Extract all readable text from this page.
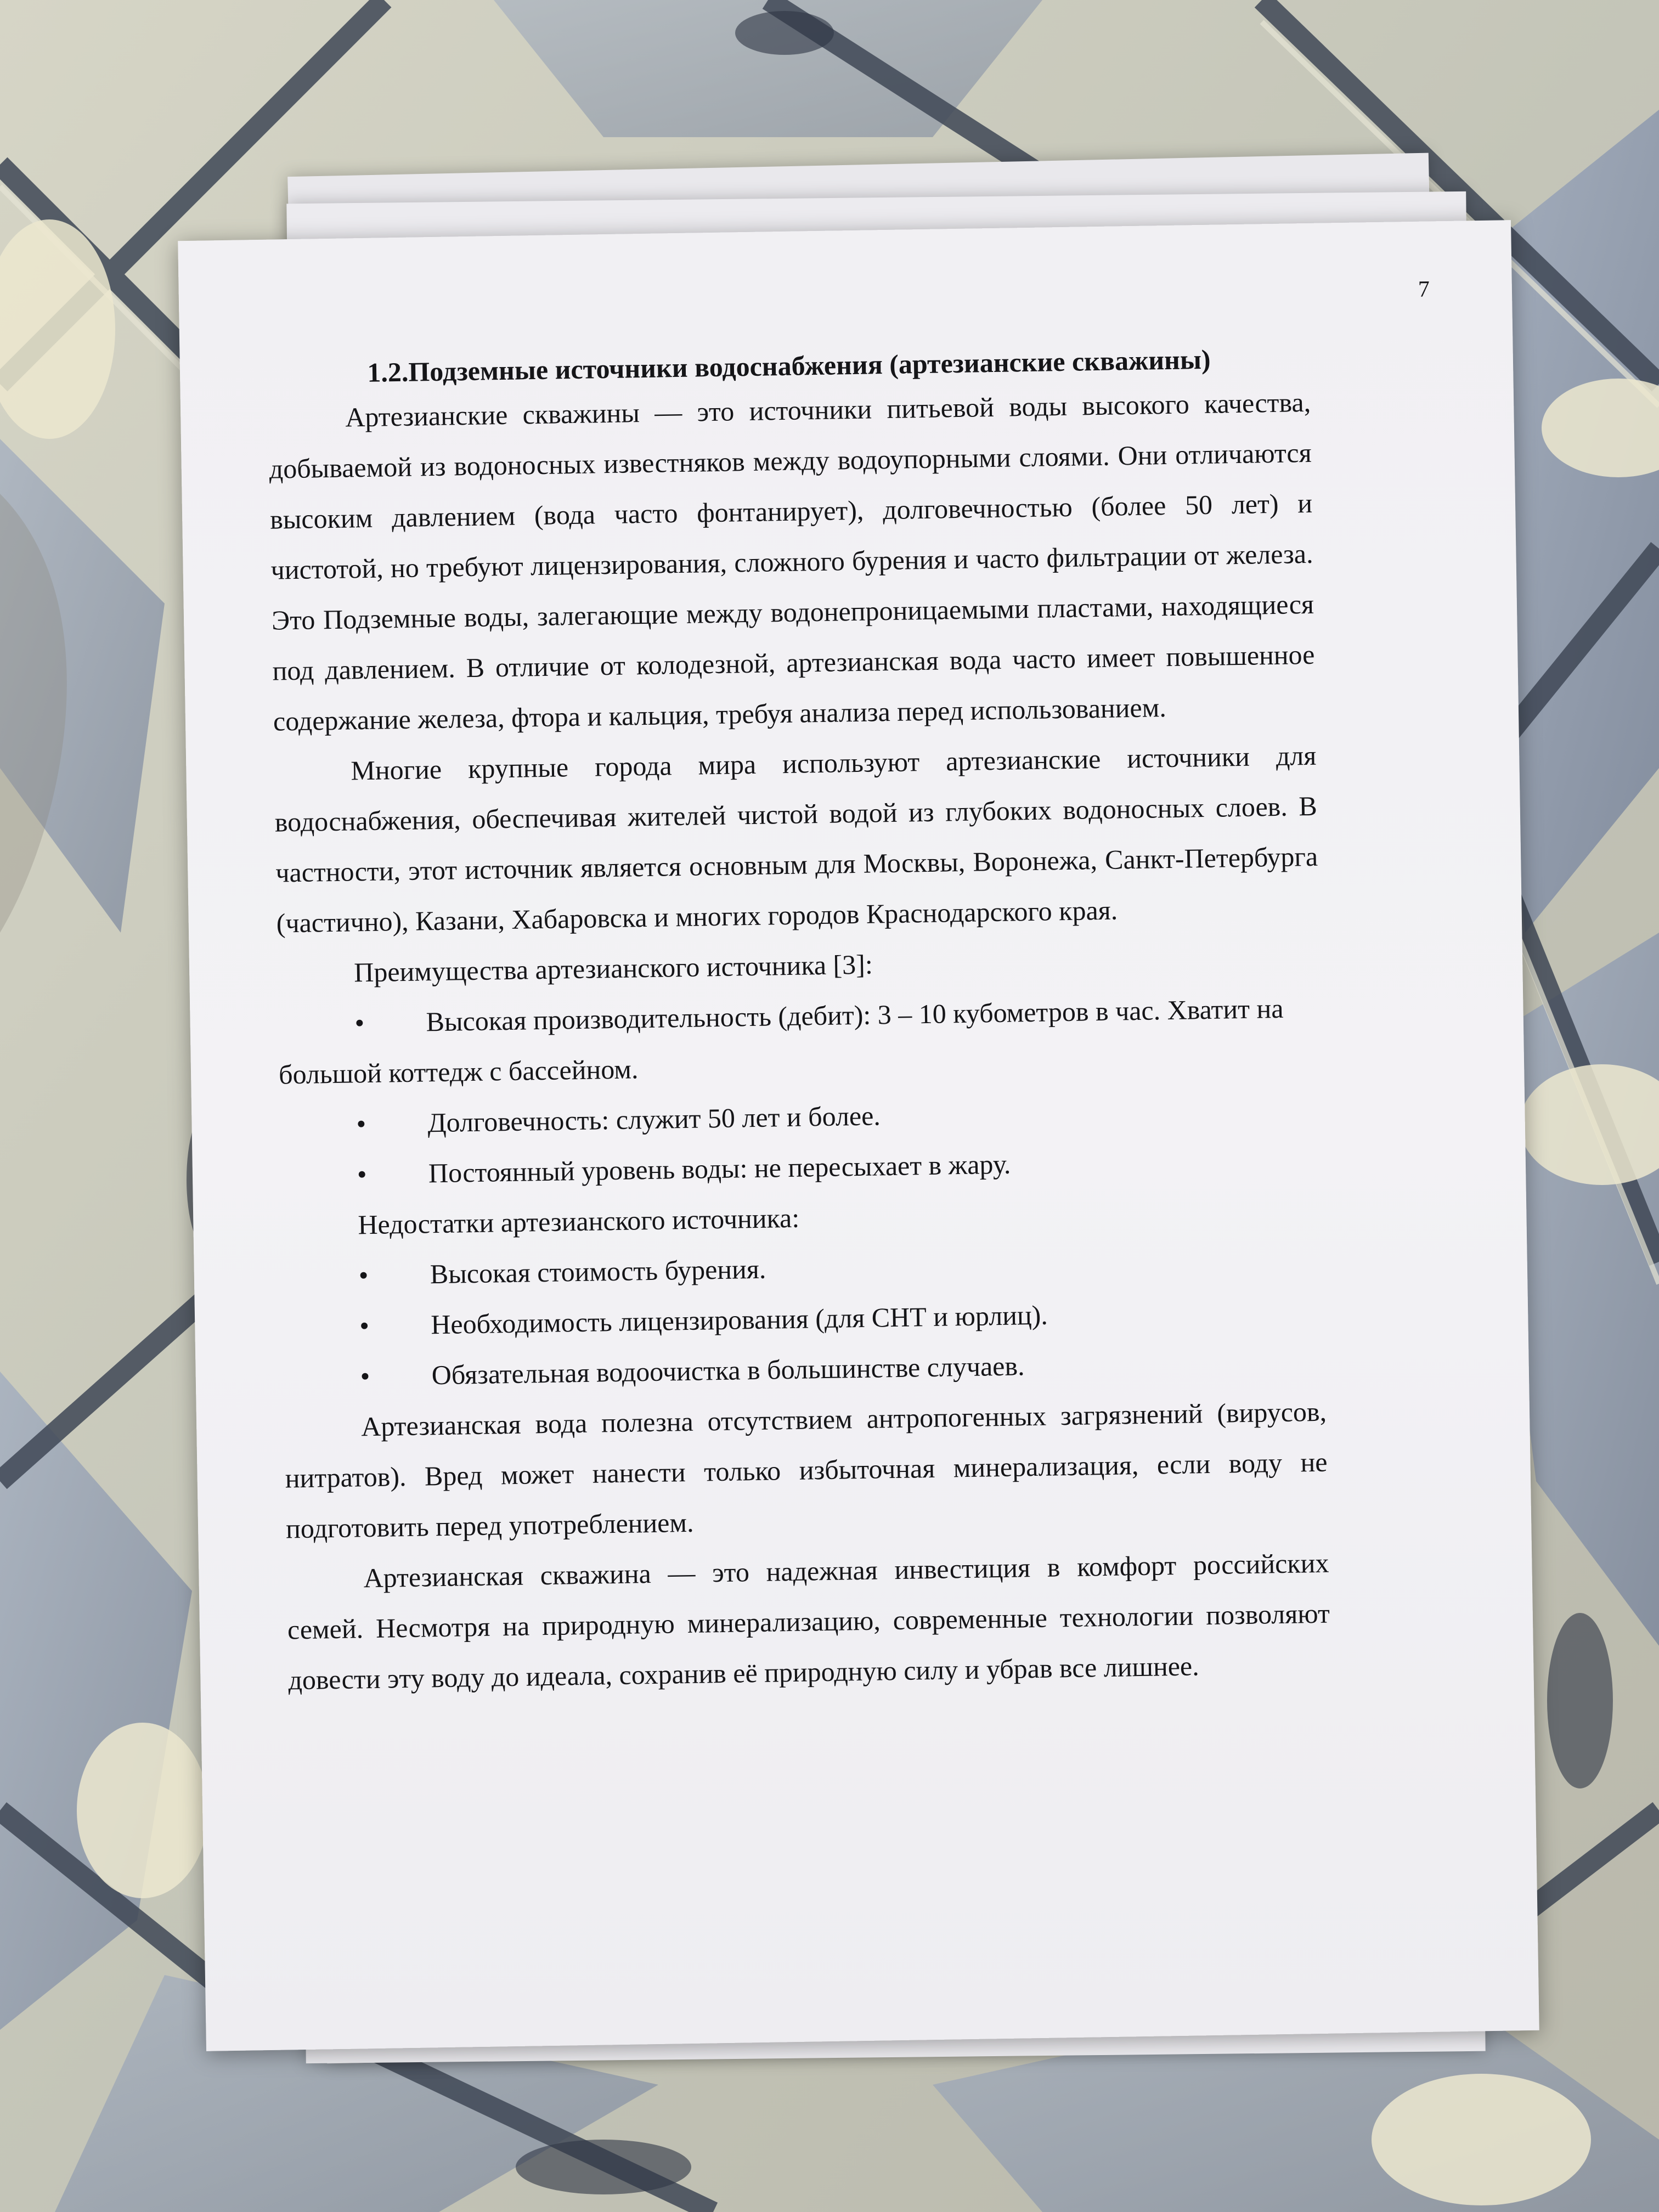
7

1.2.Подземные источники водоснабжения (артезианские скважины)

Артезианские скважины — это источники питьевой воды высокого качества, добываемой из водоносных известняков между водоупорными слоями. Они отличаются высоким давлением (вода часто фонтанирует), долговечностью (более 50 лет) и чистотой, но требуют лицензирования, сложного бурения и часто фильтрации от железа. Это Подземные воды, залегающие между водонепроницаемыми пластами, находящиеся под давлением. В отличие от колодезной, артезианская вода часто имеет повышенное содержание железа, фтора и кальция, требуя анализа перед использованием.

Многие крупные города мира используют артезианские источники для водоснабжения, обеспечивая жителей чистой водой из глубоких водоносных слоев. В частности, этот источник является основным для Москвы, Воронежа, Санкт-Петербурга (частично), Казани, Хабаровска и многих городов Краснодарского края.

Преимущества артезианского источника [3]:

• Высокая производительность (дебит): 3 – 10 кубометров в час. Хватит на большой коттедж с бассейном.

• Долговечность: служит 50 лет и более.

• Постоянный уровень воды: не пересыхает в жару.

Недостатки артезианского источника:

• Высокая стоимость бурения.

• Необходимость лицензирования (для СНТ и юрлиц).

• Обязательная водоочистка в большинстве случаев.

Артезианская вода полезна отсутствием антропогенных загрязнений (вирусов, нитратов). Вред может нанести только избыточная минерализация, если воду не подготовить перед употреблением.

Артезианская скважина — это надежная инвестиция в комфорт российских семей. Несмотря на природную минерализацию, современные технологии позволяют довести эту воду до идеала, сохранив её природную силу и убрав все лишнее.
